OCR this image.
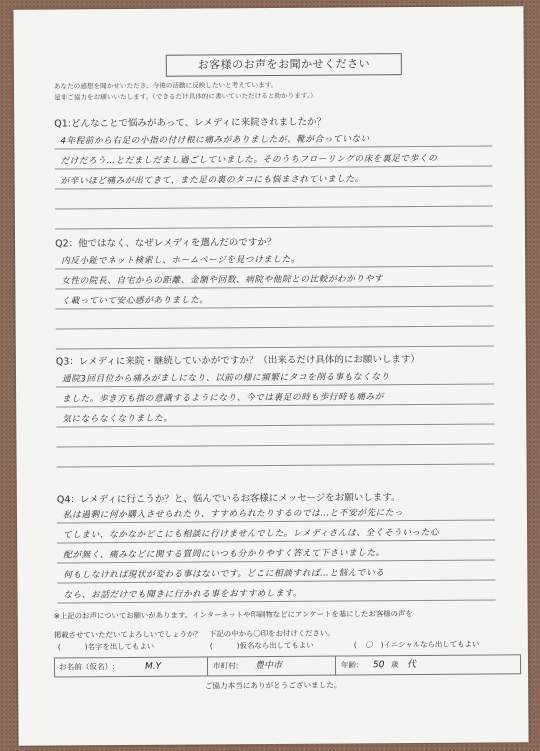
お客様のお声をお聞かせください
あなたの感想を聞かせいただき、今後の活動に反映したいと考えています。
是非ご協力をお願いいたします。（できるだけ具体的に書いていただけると助かります。）
Q1:どんなことで悩みがあって、レメディに来院されましたか？
4年程前から右足の小指の付け根に痛みがありましたが、靴が合っていない
だけだろう…とだましだまし過ごしていました。そのうちフローリングの床を裏足で歩くの
が辛いほど痛みが出てきて、また足の裏のタコにも悩まされていました。
Q2：他ではなく、なぜレメディを選んだのですか？
内反小趾でネット検索し、ホームページを見つけました。
女性の院長、自宅からの距離、金額や回数、病院や他院との比較がわかりやす
く載っていて安心感がありました。
Q3：レメディに来院・継続していかがですか？（出来るだけ具体的にお願いします）
通院3回目位から痛みがましになり、以前の様に頻繁にタコを削る事もなくなり
ました。歩き方も指の意識するようになり、今では裏足の時も歩行時も痛みが
気にならなくなりました。
Q4：レメディに行こうか？と、悩んでいるお客様にメッセージをお願いします。
私は過剰に何か購入させられたり、すすめられたりするのでは…と不安が先にたっ
てしまい、なかなかどこにも相談に行けませんでした。レメディさんは、全くそういった心
配が無く、痛みなどに関する質問にいつも分かりやすく答えて下さいました。
何もしなければ現状が変わる事はないです。どこに相談すれば…と悩んでいる
なら、お話だけでも聞きに行かれる事をおすすめします。
※上記のお声についてお願いがあります。インターネットや印刷物などにアンケートを基にしたお客様の声を
掲載させていただいてよろしいでしょうか？　下記の中から〇印をお付けください。
(	)名字を出してもよい	(	)仮名なら出してもよい	( 〇 )イニシャルなら出してもよい
お名前（仮名）:	M.Y	市町村: 豊中市	年齢: 50 歳 代
ご協力本当にありがとうございました。
